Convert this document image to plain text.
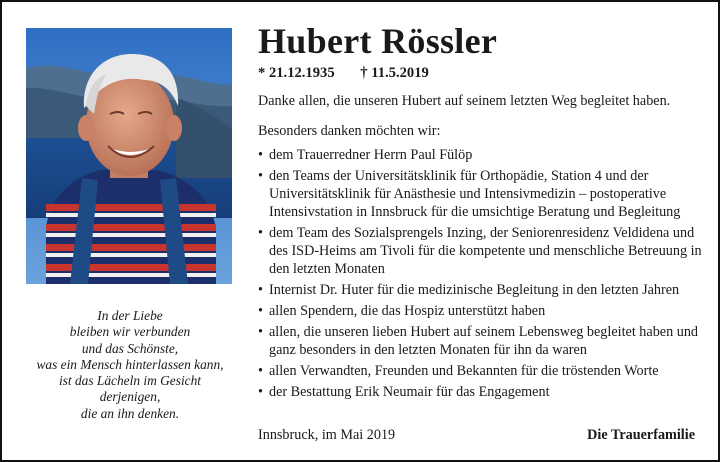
In der Liebe
bleiben wir verbunden
und das Schönste,
was ein Mensch hinterlassen kann,
ist das Lächeln im Gesicht
derjenigen,
die an ihn denken.
Hubert Rössler
* 21.12.1935 † 11.5.2019
Danke allen, die unseren Hubert auf seinem letzten Weg begleitet haben.
Besonders danken möchten wir:
• dem Trauerredner Herrn Paul Fülöp
• den Teams der Universitätsklinik für Orthopädie, Station 4 und der Universitätsklinik für Anästhesie und Intensivmedizin – postoperative Intensivstation in Innsbruck für die umsichtige Beratung und Begleitung
• dem Team des Sozialsprengels Inzing, der Seniorenresidenz Veldidena und des ISD-Heims am Tivoli für die kompetente und menschliche Betreuung in den letzten Monaten
• Internist Dr. Huter für die medizinische Begleitung in den letzten Jahren
• allen Spendern, die das Hospiz unterstützt haben
• allen, die unseren lieben Hubert auf seinem Lebensweg begleitet haben und ganz besonders in den letzten Monaten für ihn da waren
• allen Verwandten, Freunden und Bekannten für die tröstenden Worte
• der Bestattung Erik Neumair für das Engagement
Innsbruck, im Mai 2019	Die Trauerfamilie
